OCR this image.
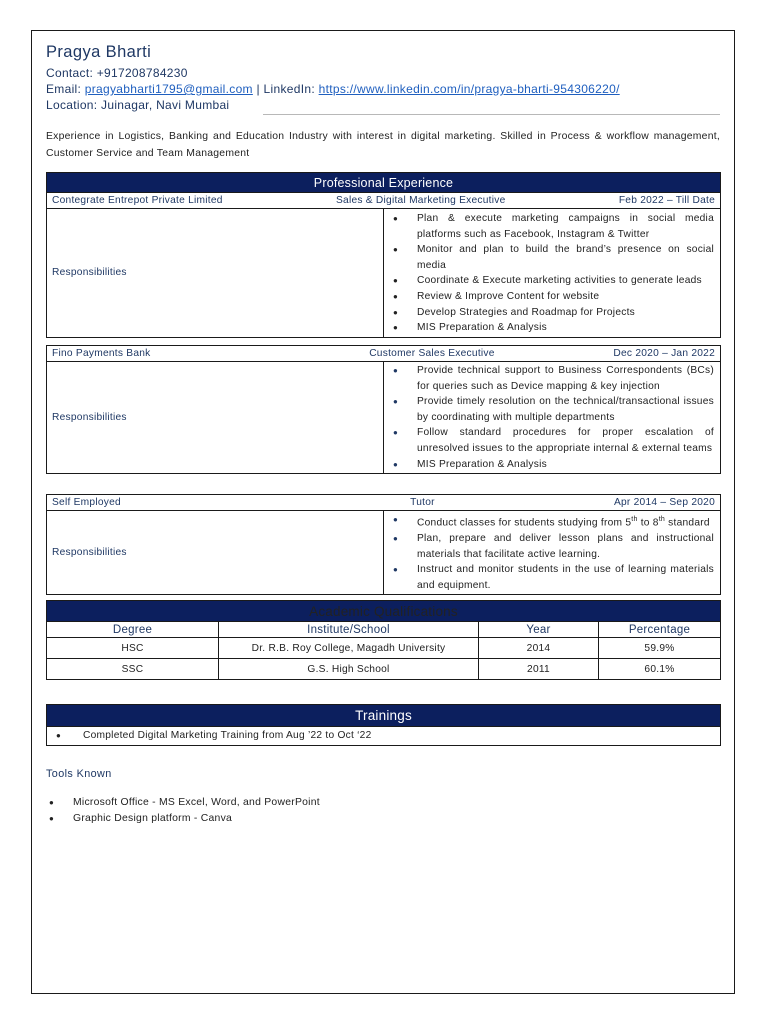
Pragya Bharti
Contact: +917208784230
Email: pragyabharti1795@gmail.com | LinkedIn: https://www.linkedin.com/in/pragya-bharti-954306220/
Location: Juinagar, Navi Mumbai
Experience in Logistics, Banking and Education Industry with interest in digital marketing. Skilled in Process & workflow management, Customer Service and Team Management
Professional Experience

Contegrate Entrepot Private Limited	Sales & Digital Marketing Executive	Feb 2022 – Till Date

Responsibilities	
● Plan & execute marketing campaigns in social media platforms such as Facebook, Instagram & Twitter
● Monitor and plan to build the brand’s presence on social media
● Coordinate & Execute marketing activities to generate leads
● Review & Improve Content for website
● Develop Strategies and Roadmap for Projects
● MIS Preparation & Analysis
Fino Payments Bank	Customer Sales Executive	Dec 2020 – Jan 2022

Responsibilities	
● Provide technical support to Business Correspondents (BCs) for queries such as Device mapping & key injection
● Provide timely resolution on the technical/transactional issues by coordinating with multiple departments
● Follow standard procedures for proper escalation of unresolved issues to the appropriate internal & external teams
● MIS Preparation & Analysis
Self Employed	Tutor	Apr 2014 – Sep 2020

Responsibilities	
● Conduct classes for students studying from 5th to 8th standard
● Plan, prepare and deliver lesson plans and instructional materials that facilitate active learning.
● Instruct and monitor students in the use of learning materials and equipment.
Academic Qualifications			
Degree	Institute/School	Year	Percentage
HSC	Dr. R.B. Roy College, Magadh University	2014	59.9%
SSC	G.S. High School	2011	60.1%
Trainings

● Completed Digital Marketing Training from Aug ’22 to Oct ‘22
Tools Known
● Microsoft Office - MS Excel, Word, and PowerPoint
● Graphic Design platform - Canva
